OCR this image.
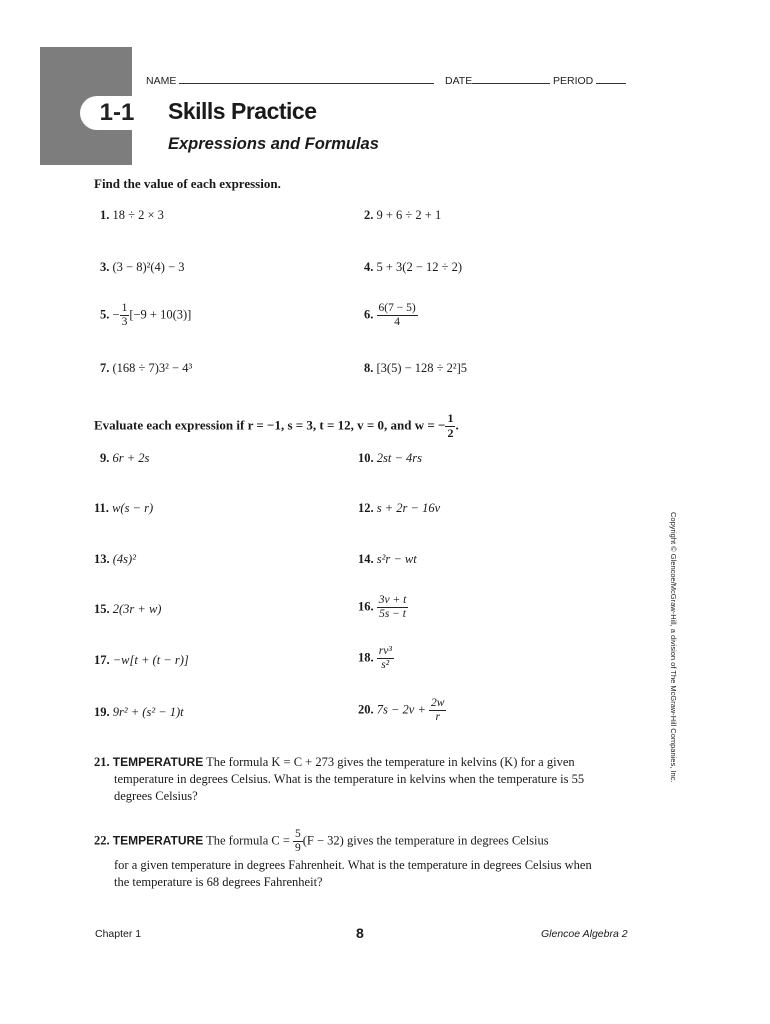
1-1
NAME	DATE	PERIOD
Skills Practice
Expressions and Formulas
Find the value of each expression.
1. 18 ÷ 2 × 3	2. 9 + 6 ÷ 2 + 1
3. (3 − 8)²(4) − 3	4. 5 + 3(2 − 12 ÷ 2)
5. − $\frac{1}{3} [-9 + 10(3)]$	6. $\frac{6(7 - 5)}{4}$
7. (168 ÷ 7)3² − 4³	8. [3(5) − 128 ÷ 2²]5
Evaluate each expression if r = −1, s = 3, t = 12, v = 0, and w = − $\frac{1}{2}$ .
9. 6r + 2s	10. 2st − 4rs
11. w(s − r)	12. s + 2r − 16v
13. (4s)²	14. s²r − wt
15. 2(3r + w)	16. $\frac{3v + t}{5s - t}$
17. −w[t + (t − r)]	18. $\frac{\text{rv³}}{\text{s²}}$
19. 9r² + (s² − 1)t	20. $7s - 2v + \frac{2w}{r}$
21. TEMPERATURE The formula K = C + 273 gives the temperature in kelvins (K) for a given temperature in degrees Celsius. What is the temperature in kelvins when the temperature is 55 degrees Celsius?
22. TEMPERATURE The formula $C = \frac{5}{9} (F - 32)$ gives the temperature in degrees Celsius
for a given temperature in degrees Fahrenheit. What is the temperature in degrees Celsius when the temperature is 68 degrees Fahrenheit?
Copyright © Glencoe/McGraw-Hill, a division of The McGraw-Hill Companies, Inc.
Chapter 1	8	Glencoe Algebra 2
